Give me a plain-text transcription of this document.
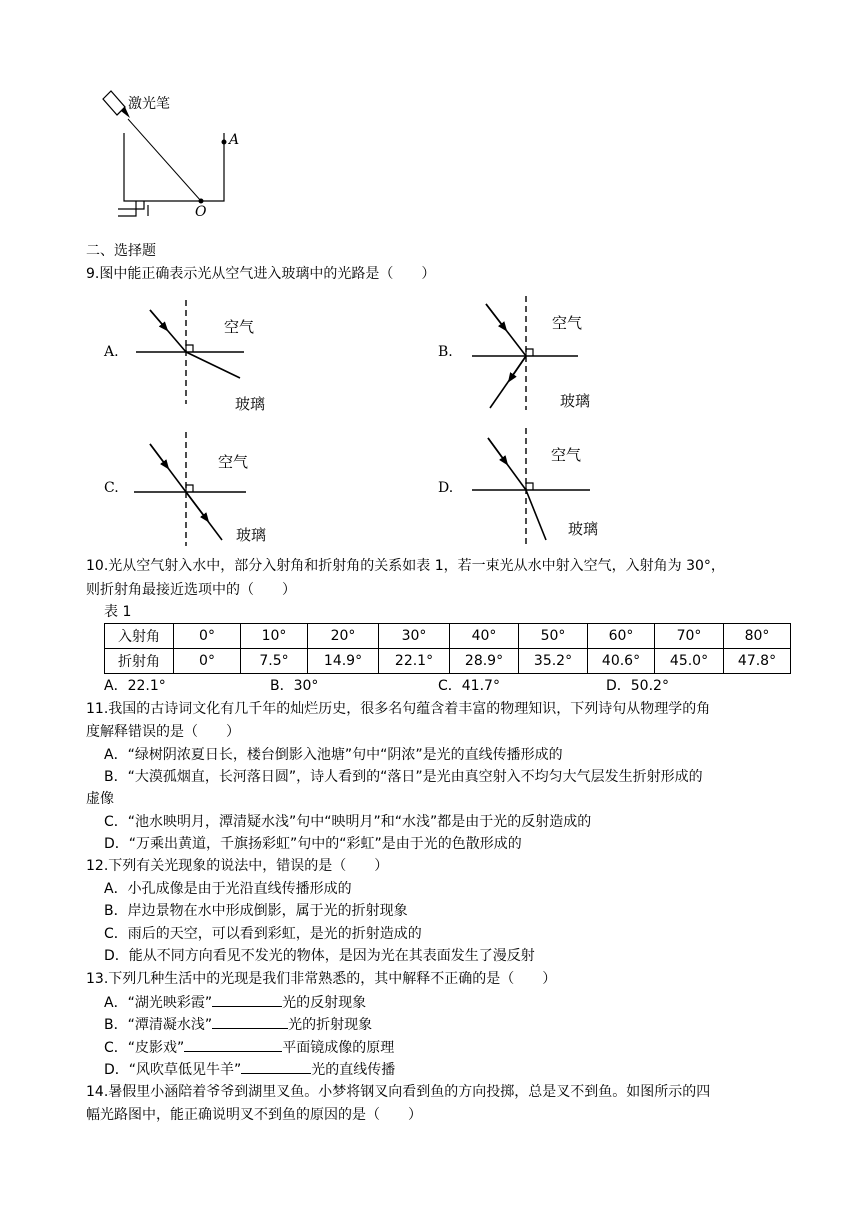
激光笔
A
O
二、选择题
9.图中能正确表示光从空气进入玻璃中的光路是（　　）
A.
空气
玻璃
B.
空气
玻璃
C.
空气
玻璃
D.
空气
玻璃
10.光从空气射入水中，部分入射角和折射角的关系如表 1，若一束光从水中射入空气，入射角为 30°，
则折射角最接近选项中的（　　）
表 1
入射角	0°	10°	20°	30°	40°	50°	60°	70°	80°
折射角	0°	7.5°	14.9°	22.1°	28.9°	35.2°	40.6°	45.0°	47.8°
A．22.1°	B．30°	C．41.7°	D．50.2°
11.我国的古诗词文化有几千年的灿烂历史，很多名句蕴含着丰富的物理知识，下列诗句从物理学的角
度解释错误的是（　　）
A．“绿树阴浓夏日长，楼台倒影入池塘”句中“阴浓”是光的直线传播形成的
B．“大漠孤烟直，长河落日圆”，诗人看到的“落日”是光由真空射入不均匀大气层发生折射形成的
虚像
C．“池水映明月，潭清疑水浅”句中“映明月”和“水浅”都是由于光的反射造成的
D．“万乘出黄道，千旗扬彩虹”句中的“彩虹”是由于光的色散形成的
12.下列有关光现象的说法中，错误的是（　　）
A．小孔成像是由于光沿直线传播形成的
B．岸边景物在水中形成倒影，属于光的折射现象
C．雨后的天空，可以看到彩虹，是光的折射造成的
D．能从不同方向看见不发光的物体，是因为光在其表面发生了漫反射
13.下列几种生活中的光现是我们非常熟悉的，其中解释不正确的是（　　）
A．“湖光映彩霞”	光的反射现象
B．“潭清凝水浅”	光的折射现象
C．“皮影戏”	平面镜成像的原理
D．“风吹草低见牛羊”	光的直线传播
14.暑假里小涵陪着爷爷到湖里叉鱼。小梦将钢叉向看到鱼的方向投掷，总是叉不到鱼。如图所示的四
幅光路图中，能正确说明叉不到鱼的原因的是（　　）
